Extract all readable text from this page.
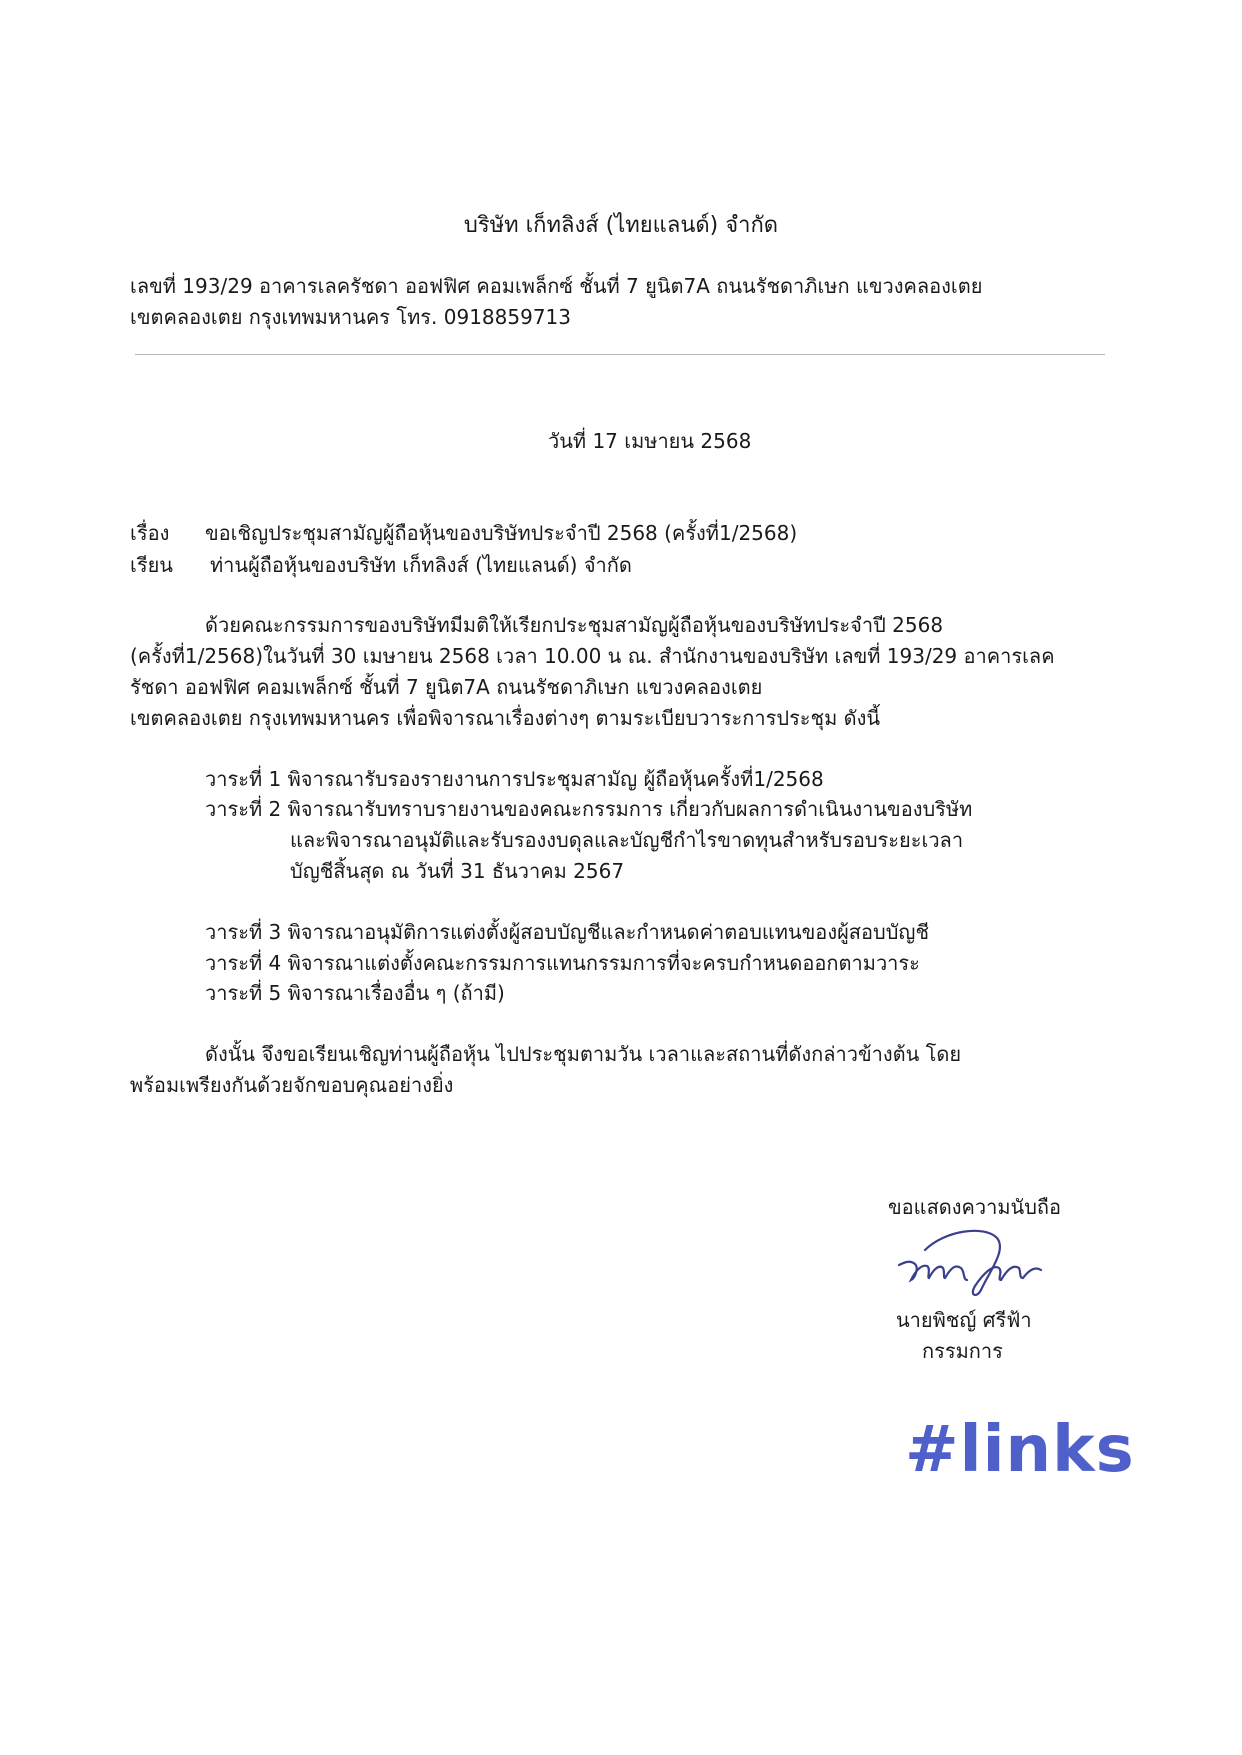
บริษัท เก็ทลิงส์ (ไทยแลนด์) จำกัด
เลขที่ 193/29 อาคารเลครัชดา ออฟฟิศ คอมเพล็กซ์ ชั้นที่ 7 ยูนิต7A ถนนรัชดาภิเษก แขวงคลองเตย
เขตคลองเตย กรุงเทพมหานคร โทร. 0918859713
วันที่ 17 เมษายน 2568
เรื่อง ขอเชิญประชุมสามัญผู้ถือหุ้นของบริษัทประจำปี 2568 (ครั้งที่1/2568)
เรียน ท่านผู้ถือหุ้นของบริษัท เก็ทลิงส์ (ไทยแลนด์) จำกัด
ด้วยคณะกรรมการของบริษัทมีมติให้เรียกประชุมสามัญผู้ถือหุ้นของบริษัทประจำปี 2568
(ครั้งที่1/2568)ในวันที่ 30 เมษายน 2568 เวลา 10.00 น ณ. สำนักงานของบริษัท เลขที่ 193/29 อาคารเลค
รัชดา ออฟฟิศ คอมเพล็กซ์ ชั้นที่ 7 ยูนิต7A ถนนรัชดาภิเษก แขวงคลองเตย
เขตคลองเตย กรุงเทพมหานคร เพื่อพิจารณาเรื่องต่างๆ ตามระเบียบวาระการประชุม ดังนี้
วาระที่ 1 พิจารณารับรองรายงานการประชุมสามัญ ผู้ถือหุ้นครั้งที่1/2568
วาระที่ 2 พิจารณารับทราบรายงานของคณะกรรมการ เกี่ยวกับผลการดำเนินงานของบริษัท
และพิจารณาอนุมัติและรับรองงบดุลและบัญชีกำไรขาดทุนสำหรับรอบระยะเวลา
บัญชีสิ้นสุด ณ วันที่ 31 ธันวาคม 2567
วาระที่ 3 พิจารณาอนุมัติการแต่งตั้งผู้สอบบัญชีและกำหนดค่าตอบแทนของผู้สอบบัญชี
วาระที่ 4 พิจารณาแต่งตั้งคณะกรรมการแทนกรรมการที่จะครบกำหนดออกตามวาระ
วาระที่ 5 พิจารณาเรื่องอื่น ๆ (ถ้ามี)
ดังนั้น จึงขอเรียนเชิญท่านผู้ถือหุ้น ไปประชุมตามวัน เวลาและสถานที่ดังกล่าวข้างต้น โดย
พร้อมเพรียงกันด้วยจักขอบคุณอย่างยิ่ง
ขอแสดงความนับถือ
นายพิชญ์ ศรีฟ้า
กรรมการ
#links
